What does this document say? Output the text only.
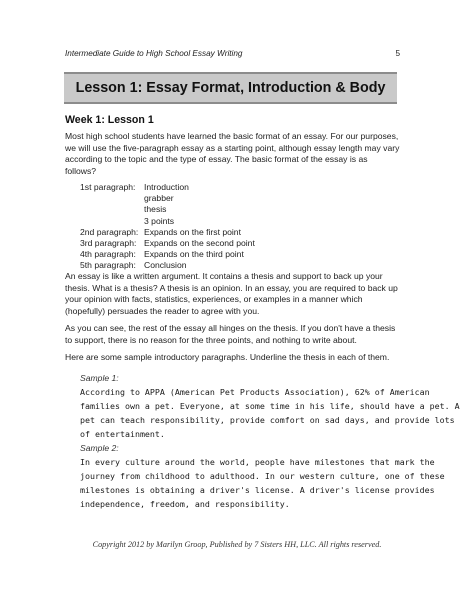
Intermediate Guide to High School Essay Writing	5
Lesson 1: Essay Format, Introduction & Body
Week 1: Lesson 1
Most high school students have learned the basic format of an essay. For our purposes,
we will use the five-paragraph essay as a starting point, although essay length may vary
according to the topic and the type of essay. The basic format of the essay is as
follows?
1st paragraph: Introduction
grabber
thesis
3 points
2nd paragraph: Expands on the first point
3rd paragraph: Expands on the second point
4th paragraph: Expands on the third point
5th paragraph: Conclusion
An essay is like a written argument. It contains a thesis and support to back up your
thesis. What is a thesis? A thesis is an opinion. In an essay, you are required to back up
your opinion with facts, statistics, experiences, or examples in a manner which
(hopefully) persuades the reader to agree with you.
As you can see, the rest of the essay all hinges on the thesis. If you don't have a thesis
to support, there is no reason for the three points, and nothing to write about.
Here are some sample introductory paragraphs. Underline the thesis in each of them.
Sample 1:
According to APPA (American Pet Products Association), 62% of American
families own a pet. Everyone, at some time in his life, should have a pet. A
pet can teach responsibility, provide comfort on sad days, and provide lots
of entertainment.
Sample 2:
In every culture around the world, people have milestones that mark the
journey from childhood to adulthood. In our western culture, one of these
milestones is obtaining a driver's license. A driver's license provides
independence, freedom, and responsibility.
Copyright 2012 by Marilyn Groop, Published by 7 Sisters HH, LLC. All rights reserved.
